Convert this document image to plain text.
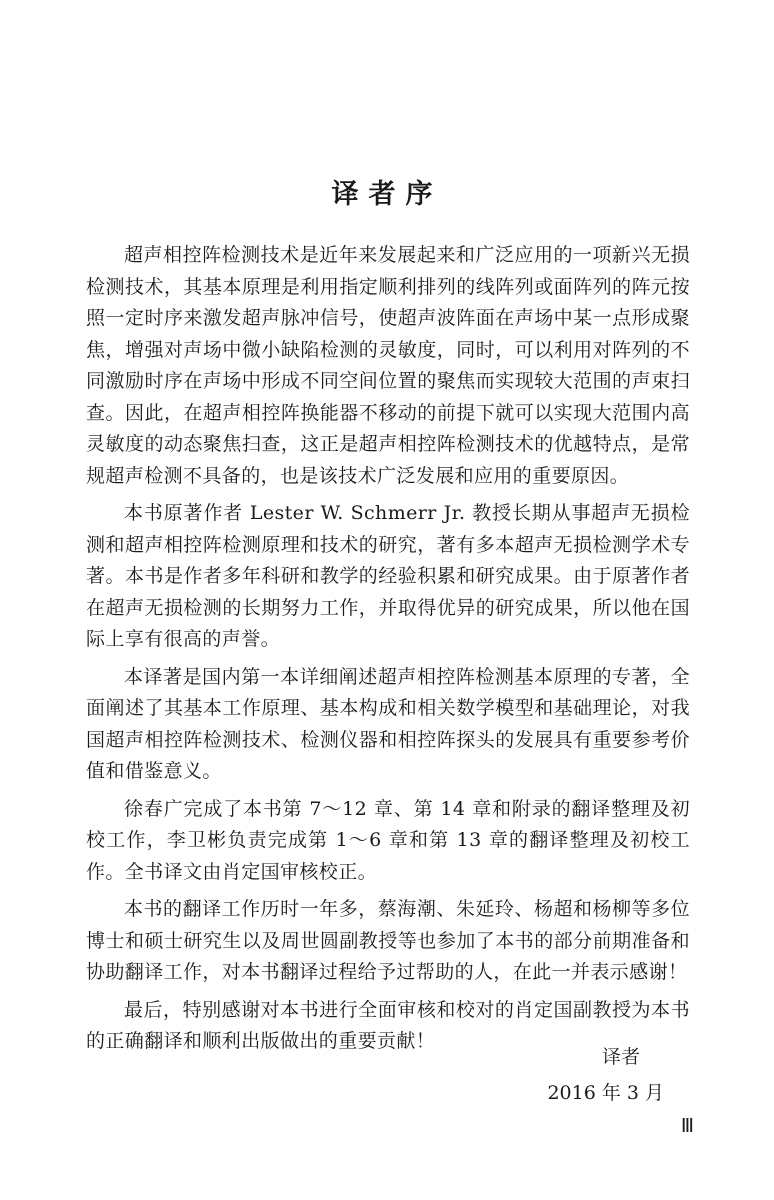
译者序

超声相控阵检测技术是近年来发展起来和广泛应用的一项新兴无损检测技术，其基本原理是利用指定顺利排列的线阵列或面阵列的阵元按照一定时序来激发超声脉冲信号，使超声波阵面在声场中某一点形成聚焦，增强对声场中微小缺陷检测的灵敏度，同时，可以利用对阵列的不同激励时序在声场中形成不同空间位置的聚焦而实现较大范围的声束扫查。因此，在超声相控阵换能器不移动的前提下就可以实现大范围内高灵敏度的动态聚焦扫查，这正是超声相控阵检测技术的优越特点，是常规超声检测不具备的，也是该技术广泛发展和应用的重要原因。

本书原著作者 Lester W. Schmerr Jr. 教授长期从事超声无损检测和超声相控阵检测原理和技术的研究，著有多本超声无损检测学术专著。本书是作者多年科研和教学的经验积累和研究成果。由于原著作者在超声无损检测的长期努力工作，并取得优异的研究成果，所以他在国际上享有很高的声誉。

本译著是国内第一本详细阐述超声相控阵检测基本原理的专著，全面阐述了其基本工作原理、基本构成和相关数学模型和基础理论，对我国超声相控阵检测技术、检测仪器和相控阵探头的发展具有重要参考价值和借鉴意义。

徐春广完成了本书第 7～12 章、第 14 章和附录的翻译整理及初校工作，李卫彬负责完成第 1～6 章和第 13 章的翻译整理及初校工作。全书译文由肖定国审核校正。

本书的翻译工作历时一年多，蔡海潮、朱延玲、杨超和杨柳等多位博士和硕士研究生以及周世圆副教授等也参加了本书的部分前期准备和协助翻译工作，对本书翻译过程给予过帮助的人，在此一并表示感谢！

最后，特别感谢对本书进行全面审核和校对的肖定国副教授为本书的正确翻译和顺利出版做出的重要贡献！

译者

2016 年 3 月

Ⅲ
